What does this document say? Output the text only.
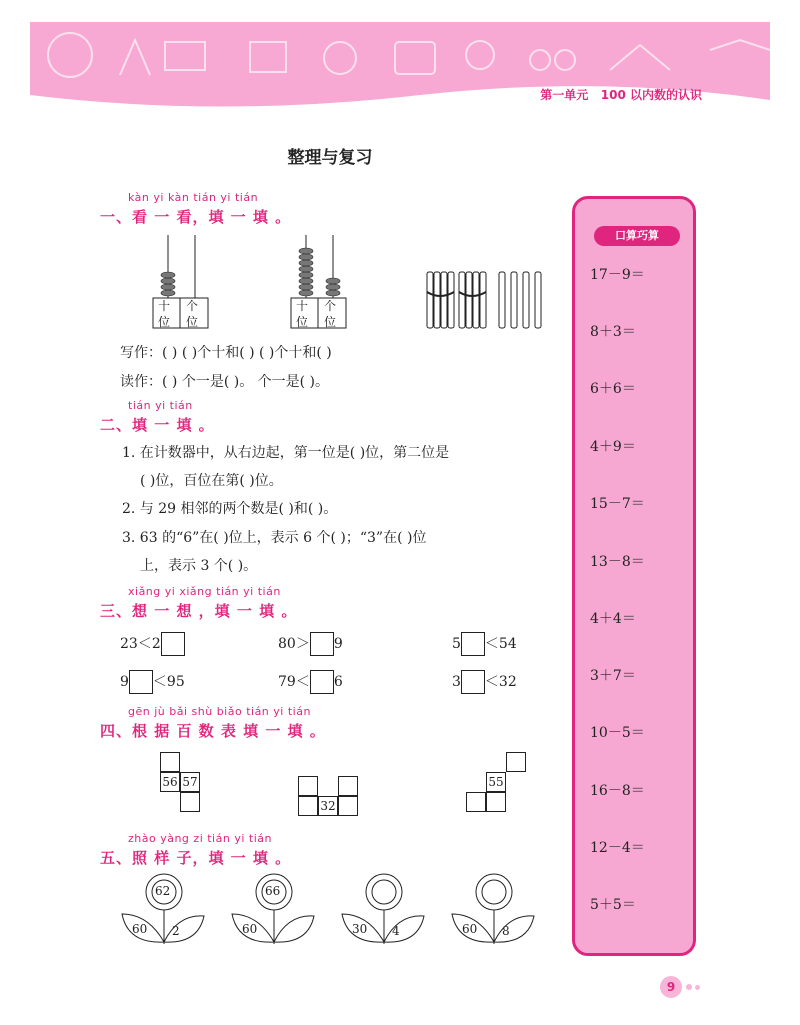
第一单元 100 以内数的认识
整理与复习
kàn yi kàn tián yi tián
一、看 一 看，填 一 填 。
十 个
位 位
十 个
位 位
写作：( ) ( )个十和( ) ( )个十和( )
读作：( ) 个一是( )。 个一是( )。
tián yi tián
二、填 一 填 。
1. 在计数器中，从右边起，第一位是( )位，第二位是
( )位，百位在第( )位。
2. 与 29 相邻的两个数是( )和( )。
3. 63 的“6”在( )位上，表示 6 个( )；“3”在( )位
上，表示 3 个( )。
xiǎng yi xiǎng tián yi tián
三、想 一 想 ，填 一 填 。
23＜2	80＞ 9	5 ＜54
9 ＜95	79＜ 6	3 ＜32
gēn jù bǎi shù biǎo tián yi tián
四、根 据 百 数 表 填 一 填 。
56 57
32
55
zhào yàng zi tián yi tián
五、照 样 子，填 一 填 。
62
60 2
66
60	30 4	60 8
口算巧算
17－9＝
8＋3＝
6＋6＝
4＋9＝
15－7＝
13－8＝
4＋4＝
3＋7＝
10－5＝
16－8＝
12－4＝
5＋5＝
9
